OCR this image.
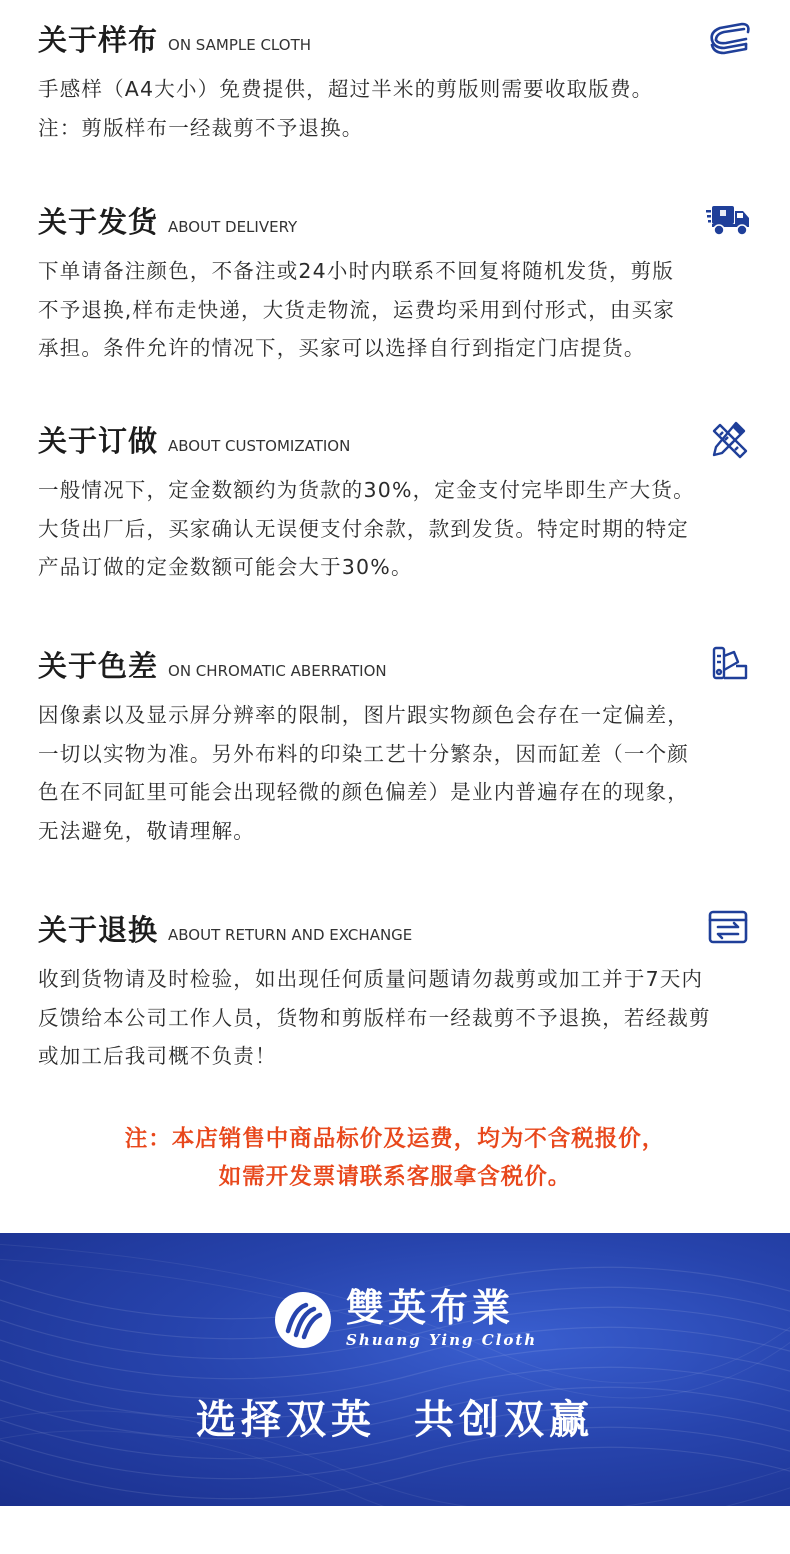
关于样布 ON SAMPLE CLOTH

手感样（A4大小）免费提供，超过半米的剪版则需要收取版费。

注：剪版样布一经裁剪不予退换。

关于发货 ABOUT DELIVERY

下单请备注颜色，不备注或24小时内联系不回复将随机发货，剪版

不予退换,样布走快递，大货走物流，运费均采用到付形式，由买家

承担。条件允许的情况下，买家可以选择自行到指定门店提货。

关于订做 ABOUT CUSTOMIZATION

一般情况下，定金数额约为货款的30%，定金支付完毕即生产大货。

大货出厂后，买家确认无误便支付余款，款到发货。特定时期的特定

产品订做的定金数额可能会大于30%。

关于色差 ON CHROMATIC ABERRATION

因像素以及显示屏分辨率的限制，图片跟实物颜色会存在一定偏差，

一切以实物为准。另外布料的印染工艺十分繁杂，因而缸差（一个颜

色在不同缸里可能会出现轻微的颜色偏差）是业内普遍存在的现象，

无法避免，敬请理解。

关于退换 ABOUT RETURN AND EXCHANGE

收到货物请及时检验，如出现任何质量问题请勿裁剪或加工并于7天内

反馈给本公司工作人员，货物和剪版样布一经裁剪不予退换，若经裁剪

或加工后我司概不负责！

注：本店销售中商品标价及运费，均为不含税报价，
如需开发票请联系客服拿含税价。
雙英布業
Shuang Ying Cloth
选择双英 共创双赢
